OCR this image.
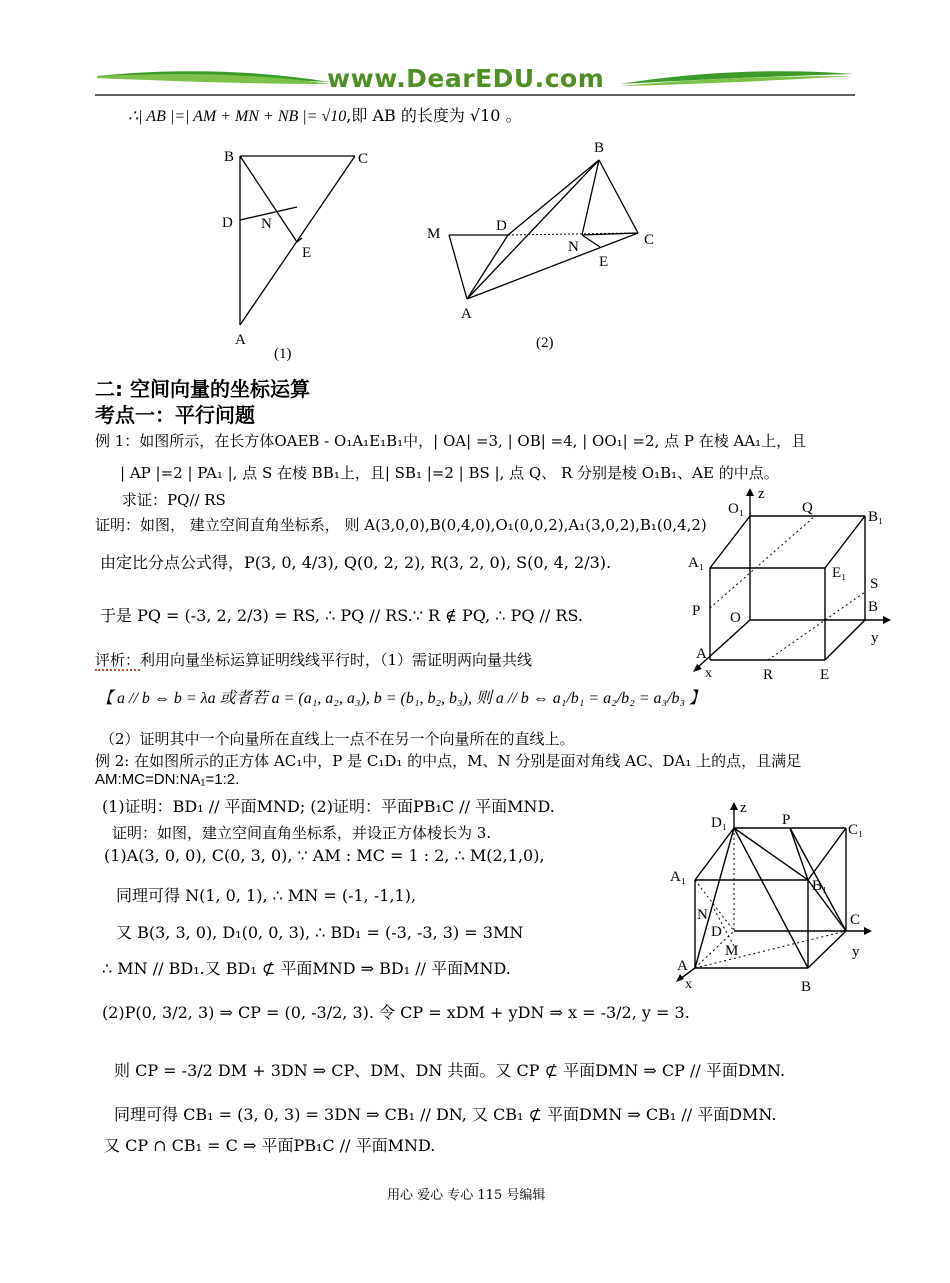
www.DearEDU.com
∴| AB |=| AM + MN + NB |= √10,即 AB 的长度为 √10 。
B	C
D N
E
A
(1)
B
M	D
N	C
E
A
(2)
二: 空间向量的坐标运算
考点一：平行问题
例 1：如图所示，在长方体OAEB - O₁A₁E₁B₁中，| OA| =3, | OB| =4, | OO₁| =2, 点 P 在棱 AA₁上，且
| AP |=2 | PA₁ |, 点 S 在棱 BB₁上，且| SB₁ |=2 | BS |, 点 Q、 R 分别是棱 O₁B₁、AE 的中点。
求证：PQ// RS
证明：如图， 建立空间直角坐标系， 则 A(3,0,0),B(0,4,0),O₁(0,0,2),A₁(3,0,2),B₁(0,4,2)
由定比分点公式得，P(3, 0, 4/3), Q(0, 2, 2), R(3, 2, 0), S(0, 4, 2/3).
于是 PQ = (-3, 2, 2/3) = RS, ∴ PQ // RS.∵ R ∉ PQ, ∴ PQ // RS.
评析：利用向量坐标运算证明线线平行时，（1）需证明两向量共线
【 a // b ⇔ b = λa 或者若 a = (a₁, a₂, a₃), b = (b₁, b₂, b₃), 则 a // b ⇔ a₁/b₁ = a₂/b₂ = a₃/b₃ 】
（2）证明其中一个向量所在直线上一点不在另一个向量所在的直线上。
z
O₁	Q
B₁
A₁
E₁
S
P O
B
y
A
x	R	E
例 2: 在如图所示的正方体 AC₁中，P 是 C₁D₁ 的中点，M、N 分别是面对角线 AC、DA₁ 上的点，且满足
AM:MC=DN:NA₁=1:2.
(1)证明：BD₁ // 平面MND; (2)证明：平面PB₁C // 平面MND.
证明：如图，建立空间直角坐标系，并设正方体棱长为 3.
(1)A(3, 0, 0), C(0, 3, 0), ∵ AM : MC = 1 : 2, ∴ M(2,1,0),
同理可得 N(1, 0, 1), ∴ MN = (-1, -1,1),
又 B(3, 3, 0), D₁(0, 0, 3), ∴ BD₁ = (-3, -3, 3) = 3MN
∴ MN // BD₁.又 BD₁ ⊄ 平面MND ⇒ BD₁ // 平面MND.
(2)P(0, 3/2, 3) ⇒ CP = (0, -3/2, 3). 令 CP = xDM + yDN ⇒ x = -3/2, y = 3.
则 CP = -3/2 DM + 3DN ⇒ CP、DM、DN 共面。又 CP ⊄ 平面DMN ⇒ CP // 平面DMN.
同理可得 CB₁ = (3, 0, 3) = 3DN ⇒ CB₁ // DN, 又 CB₁ ⊄ 平面DMN ⇒ CB₁ // 平面DMN.
又 CP ∩ CB₁ = C ⇒ 平面PB₁C // 平面MND.
z
D₁	P
C₁
A₁
B₁
N	C
D
M	y
A
x	B
用心 爱心 专心 115 号编辑
